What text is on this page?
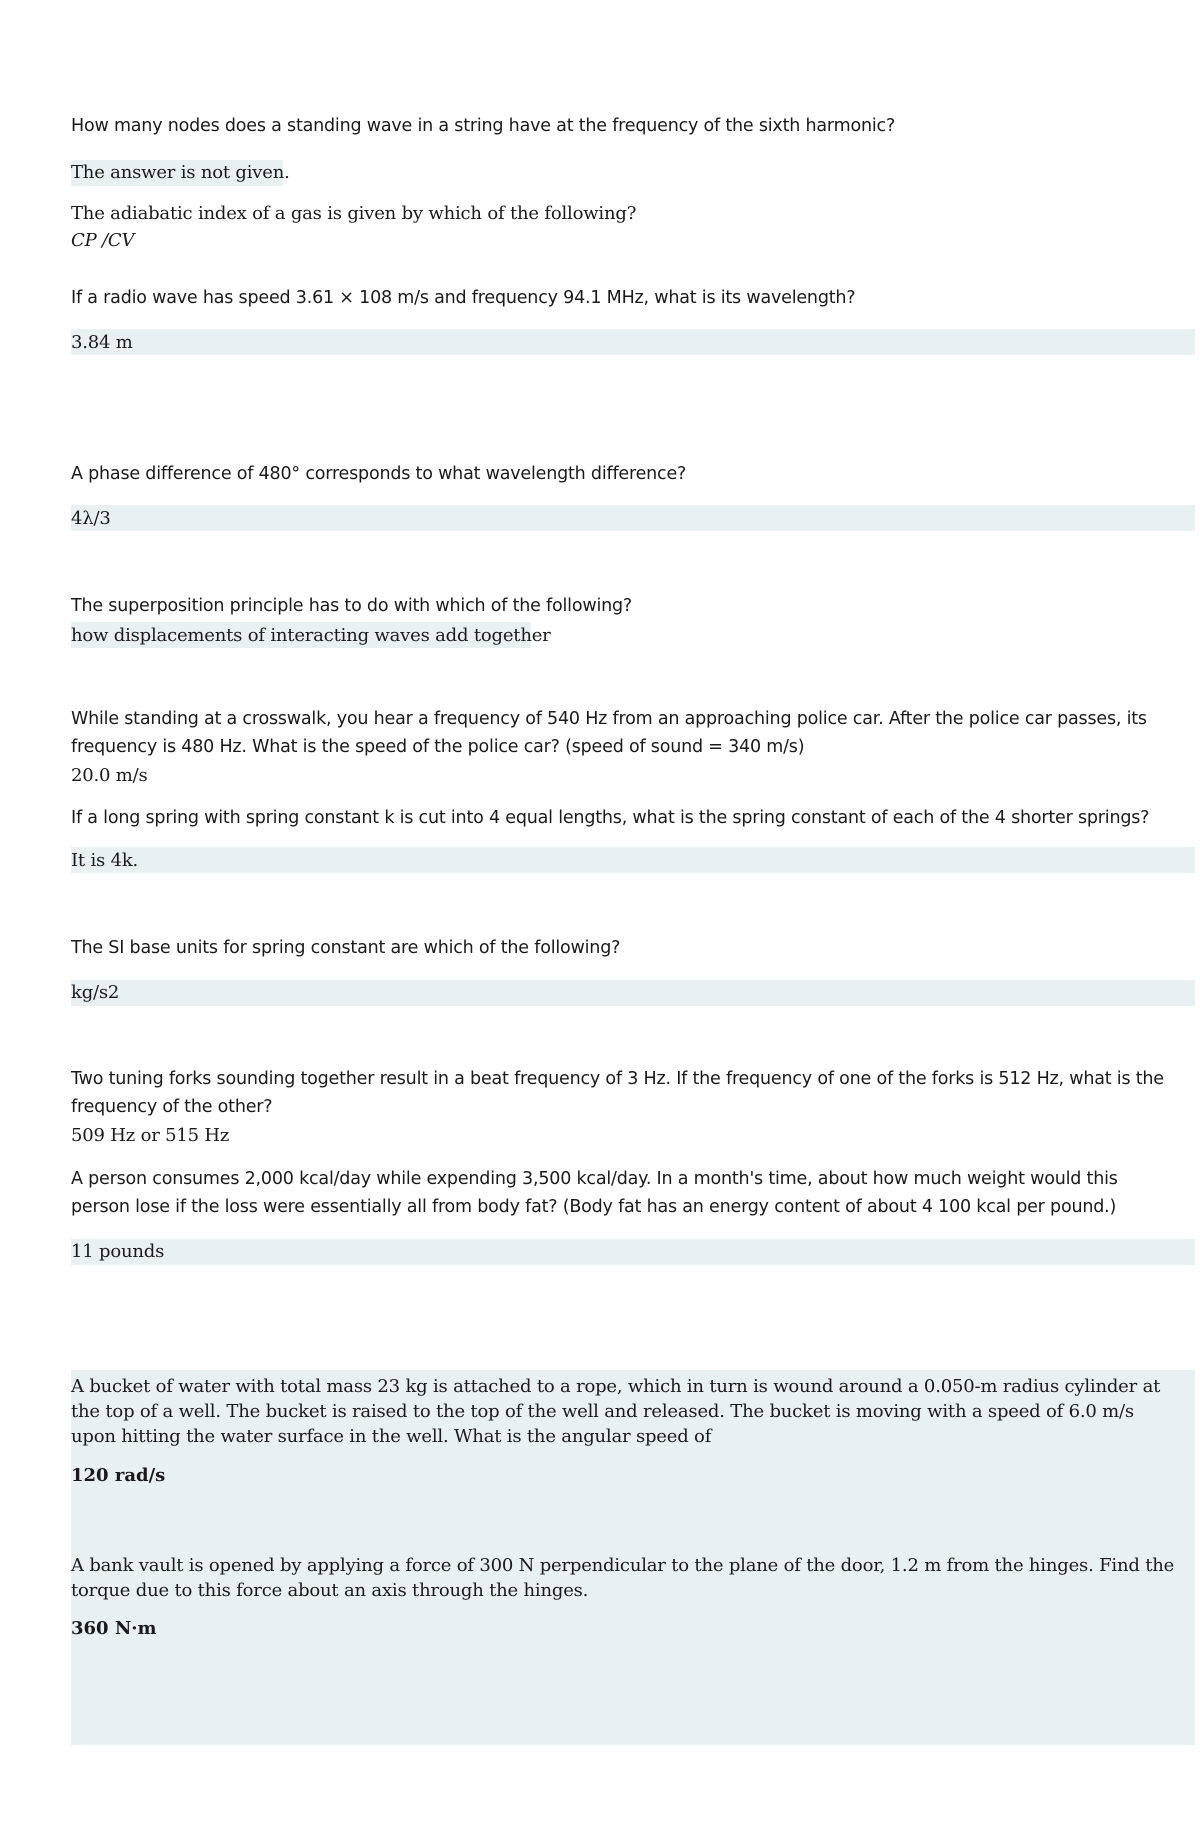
How many nodes does a standing wave in a string have at the frequency of the sixth harmonic?

The answer is not given.

The adiabatic index of a gas is given by which of the following?

CP /CV

If a radio wave has speed 3.61 × 108 m/s and frequency 94.1 MHz, what is its wavelength?

3.84 m

A phase difference of 480° corresponds to what wavelength difference?

4λ/3

The superposition principle has to do with which of the following?

how displacements of interacting waves add together

While standing at a crosswalk, you hear a frequency of 540 Hz from an approaching police car. After the police car passes, its frequency is 480 Hz. What is the speed of the police car? (speed of sound = 340 m/s)

20.0 m/s

If a long spring with spring constant k is cut into 4 equal lengths, what is the spring constant of each of the 4 shorter springs?

It is 4k.

The SI base units for spring constant are which of the following?

kg/s2

Two tuning forks sounding together result in a beat frequency of 3 Hz. If the frequency of one of the forks is 512 Hz, what is the frequency of the other?

509 Hz or 515 Hz

A person consumes 2,000 kcal/day while expending 3,500 kcal/day. In a month's time, about how much weight would this person lose if the loss were essentially all from body fat? (Body fat has an energy content of about 4 100 kcal per pound.)

11 pounds

A bucket of water with total mass 23 kg is attached to a rope, which in turn is wound around a 0.050-m radius cylinder at the top of a well. The bucket is raised to the top of the well and released. The bucket is moving with a speed of 6.0 m/s upon hitting the water surface in the well. What is the angular speed of

120 rad/s

A bank vault is opened by applying a force of 300 N perpendicular to the plane of the door, 1.2 m from the hinges. Find the torque due to this force about an axis through the hinges.

360 N·m
